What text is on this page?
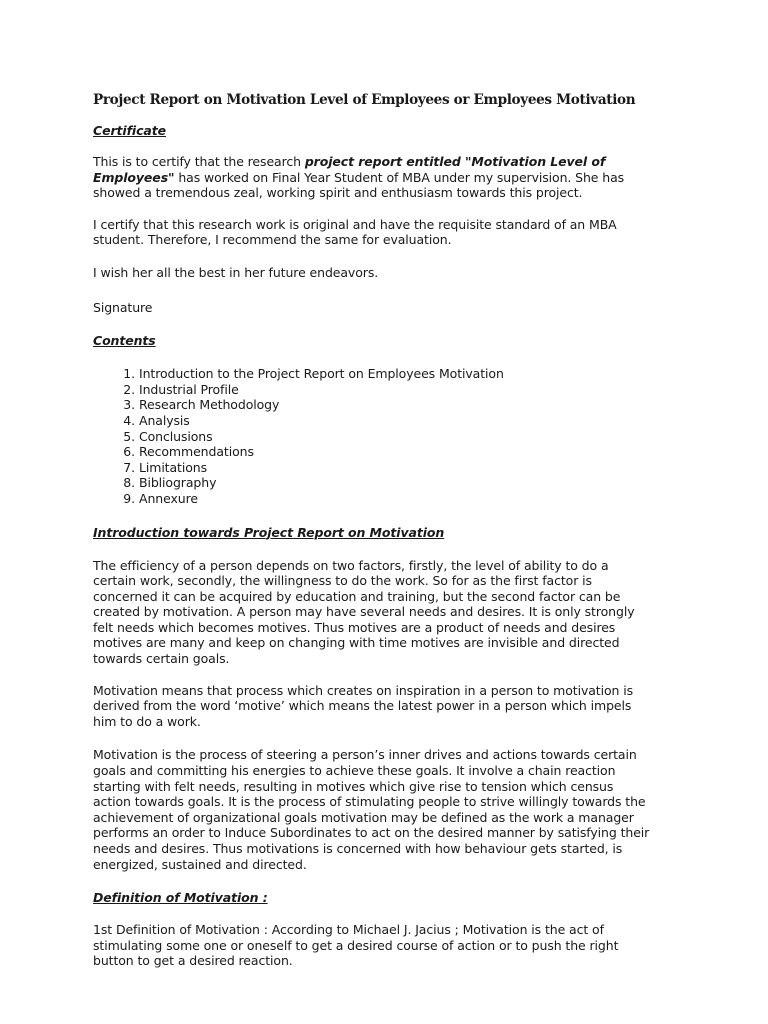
Project Report on Motivation Level of Employees or Employees Motivation
Certificate

This is to certify that the research project report entitled "Motivation Level of Employees" has worked on Final Year Student of MBA under my supervision. She has showed a tremendous zeal, working spirit and enthusiasm towards this project.

I certify that this research work is original and have the requisite standard of an MBA student. Therefore, I recommend the same for evaluation.

I wish her all the best in her future endeavors.

Signature

Contents
1. Introduction to the Project Report on Employees Motivation
2. Industrial Profile
3. Research Methodology
4. Analysis
5. Conclusions
6. Recommendations
7. Limitations
8. Bibliography
9. Annexure
Introduction towards Project Report on Motivation

The efficiency of a person depends on two factors, firstly, the level of ability to do a certain work, secondly, the willingness to do the work. So for as the first factor is concerned it can be acquired by education and training, but the second factor can be created by motivation. A person may have several needs and desires. It is only strongly felt needs which becomes motives. Thus motives are a product of needs and desires motives are many and keep on changing with time motives are invisible and directed towards certain goals.

Motivation means that process which creates on inspiration in a person to motivation is derived from the word ‘motive’ which means the latest power in a person which impels him to do a work.

Motivation is the process of steering a person’s inner drives and actions towards certain goals and committing his energies to achieve these goals. It involve a chain reaction starting with felt needs, resulting in motives which give rise to tension which census action towards goals. It is the process of stimulating people to strive willingly towards the achievement of organizational goals motivation may be defined as the work a manager performs an order to Induce Subordinates to act on the desired manner by satisfying their needs and desires. Thus motivations is concerned with how behaviour gets started, is energized, sustained and directed.

Definition of Motivation :

1st Definition of Motivation : According to Michael J. Jacius ; Motivation is the act of stimulating some one or oneself to get a desired course of action or to push the right button to get a desired reaction.
